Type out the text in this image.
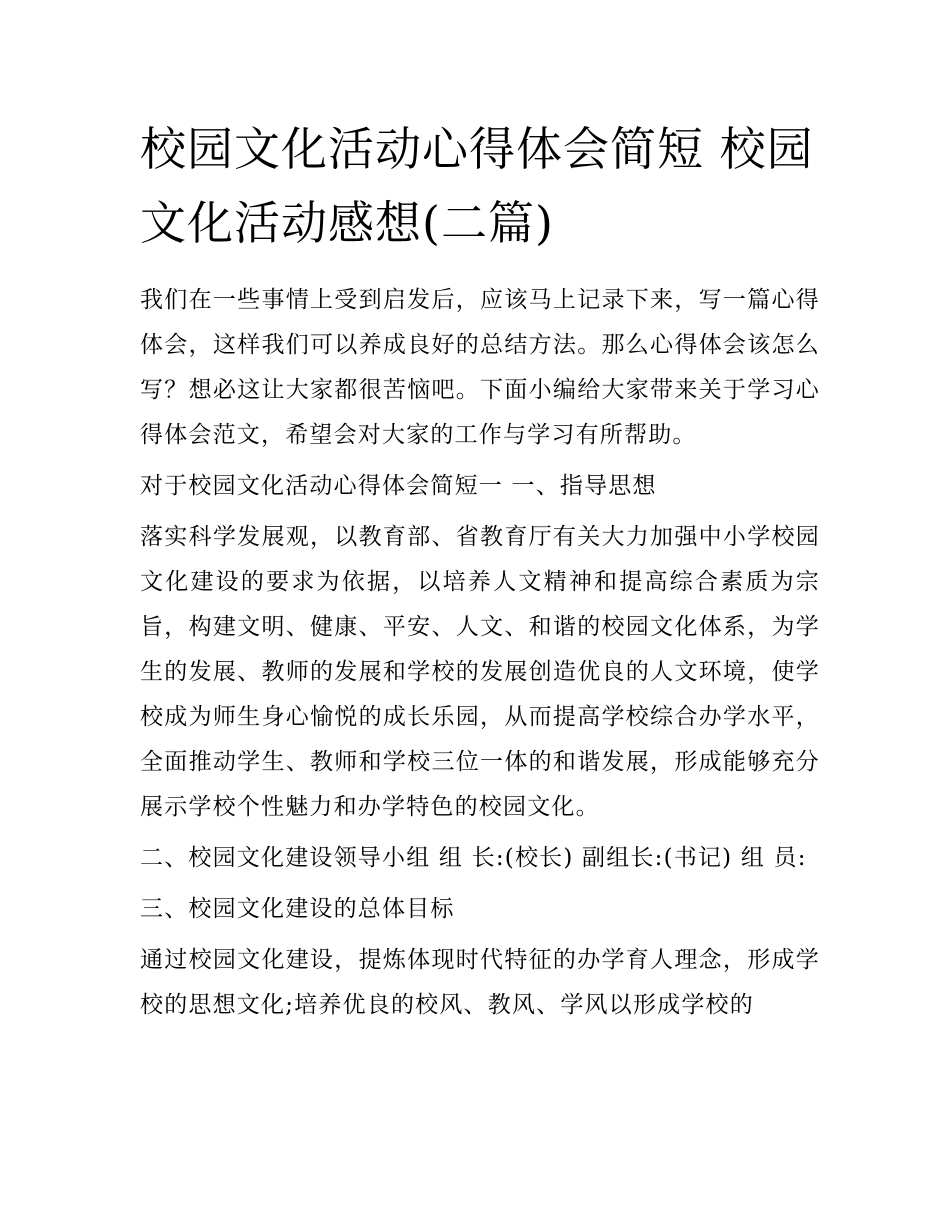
校园文化活动心得体会简短 校园文化活动感想(二篇)

我们在一些事情上受到启发后，应该马上记录下来，写一篇心得体会，这样我们可以养成良好的总结方法。那么心得体会该怎么写？想必这让大家都很苦恼吧。下面小编给大家带来关于学习心得体会范文，希望会对大家的工作与学习有所帮助。

对于校园文化活动心得体会简短一 一、指导思想

落实科学发展观，以教育部、省教育厅有关大力加强中小学校园文化建设的要求为依据，以培养人文精神和提高综合素质为宗旨，构建文明、健康、平安、人文、和谐的校园文化体系，为学生的发展、教师的发展和学校的发展创造优良的人文环境，使学校成为师生身心愉悦的成长乐园，从而提高学校综合办学水平，全面推动学生、教师和学校三位一体的和谐发展，形成能够充分展示学校个性魅力和办学特色的校园文化。

二、校园文化建设领导小组 组 长:(校长) 副组长:(书记) 组 员:

三、校园文化建设的总体目标

通过校园文化建设，提炼体现时代特征的办学育人理念，形成学校的思想文化;培养优良的校风、教风、学风以形成学校的
